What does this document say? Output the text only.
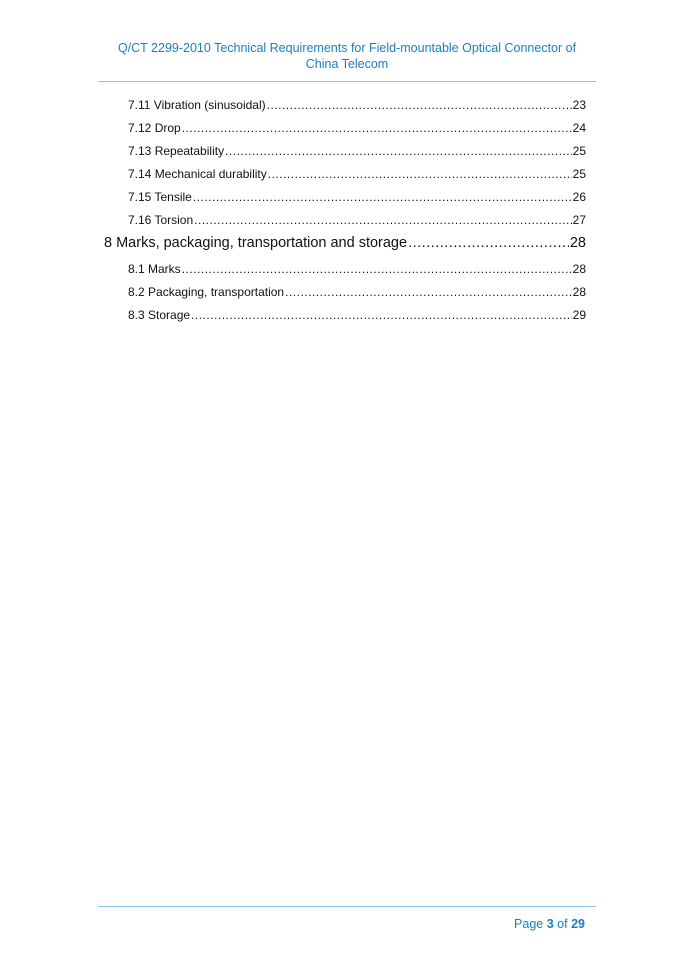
Q/CT 2299-2010 Technical Requirements for Field-mountable Optical Connector of
China Telecom
7.11 Vibration (sinusoidal) .....	23
7.12 Drop .....	24
7.13 Repeatability .....	25
7.14 Mechanical durability .....	25
7.15 Tensile .....	26
7.16 Torsion .....	27
8 Marks, packaging, transportation and storage .....	28
8.1 Marks .....	28
8.2 Packaging, transportation .....	28
8.3 Storage .....	29
Page 3 of 29
